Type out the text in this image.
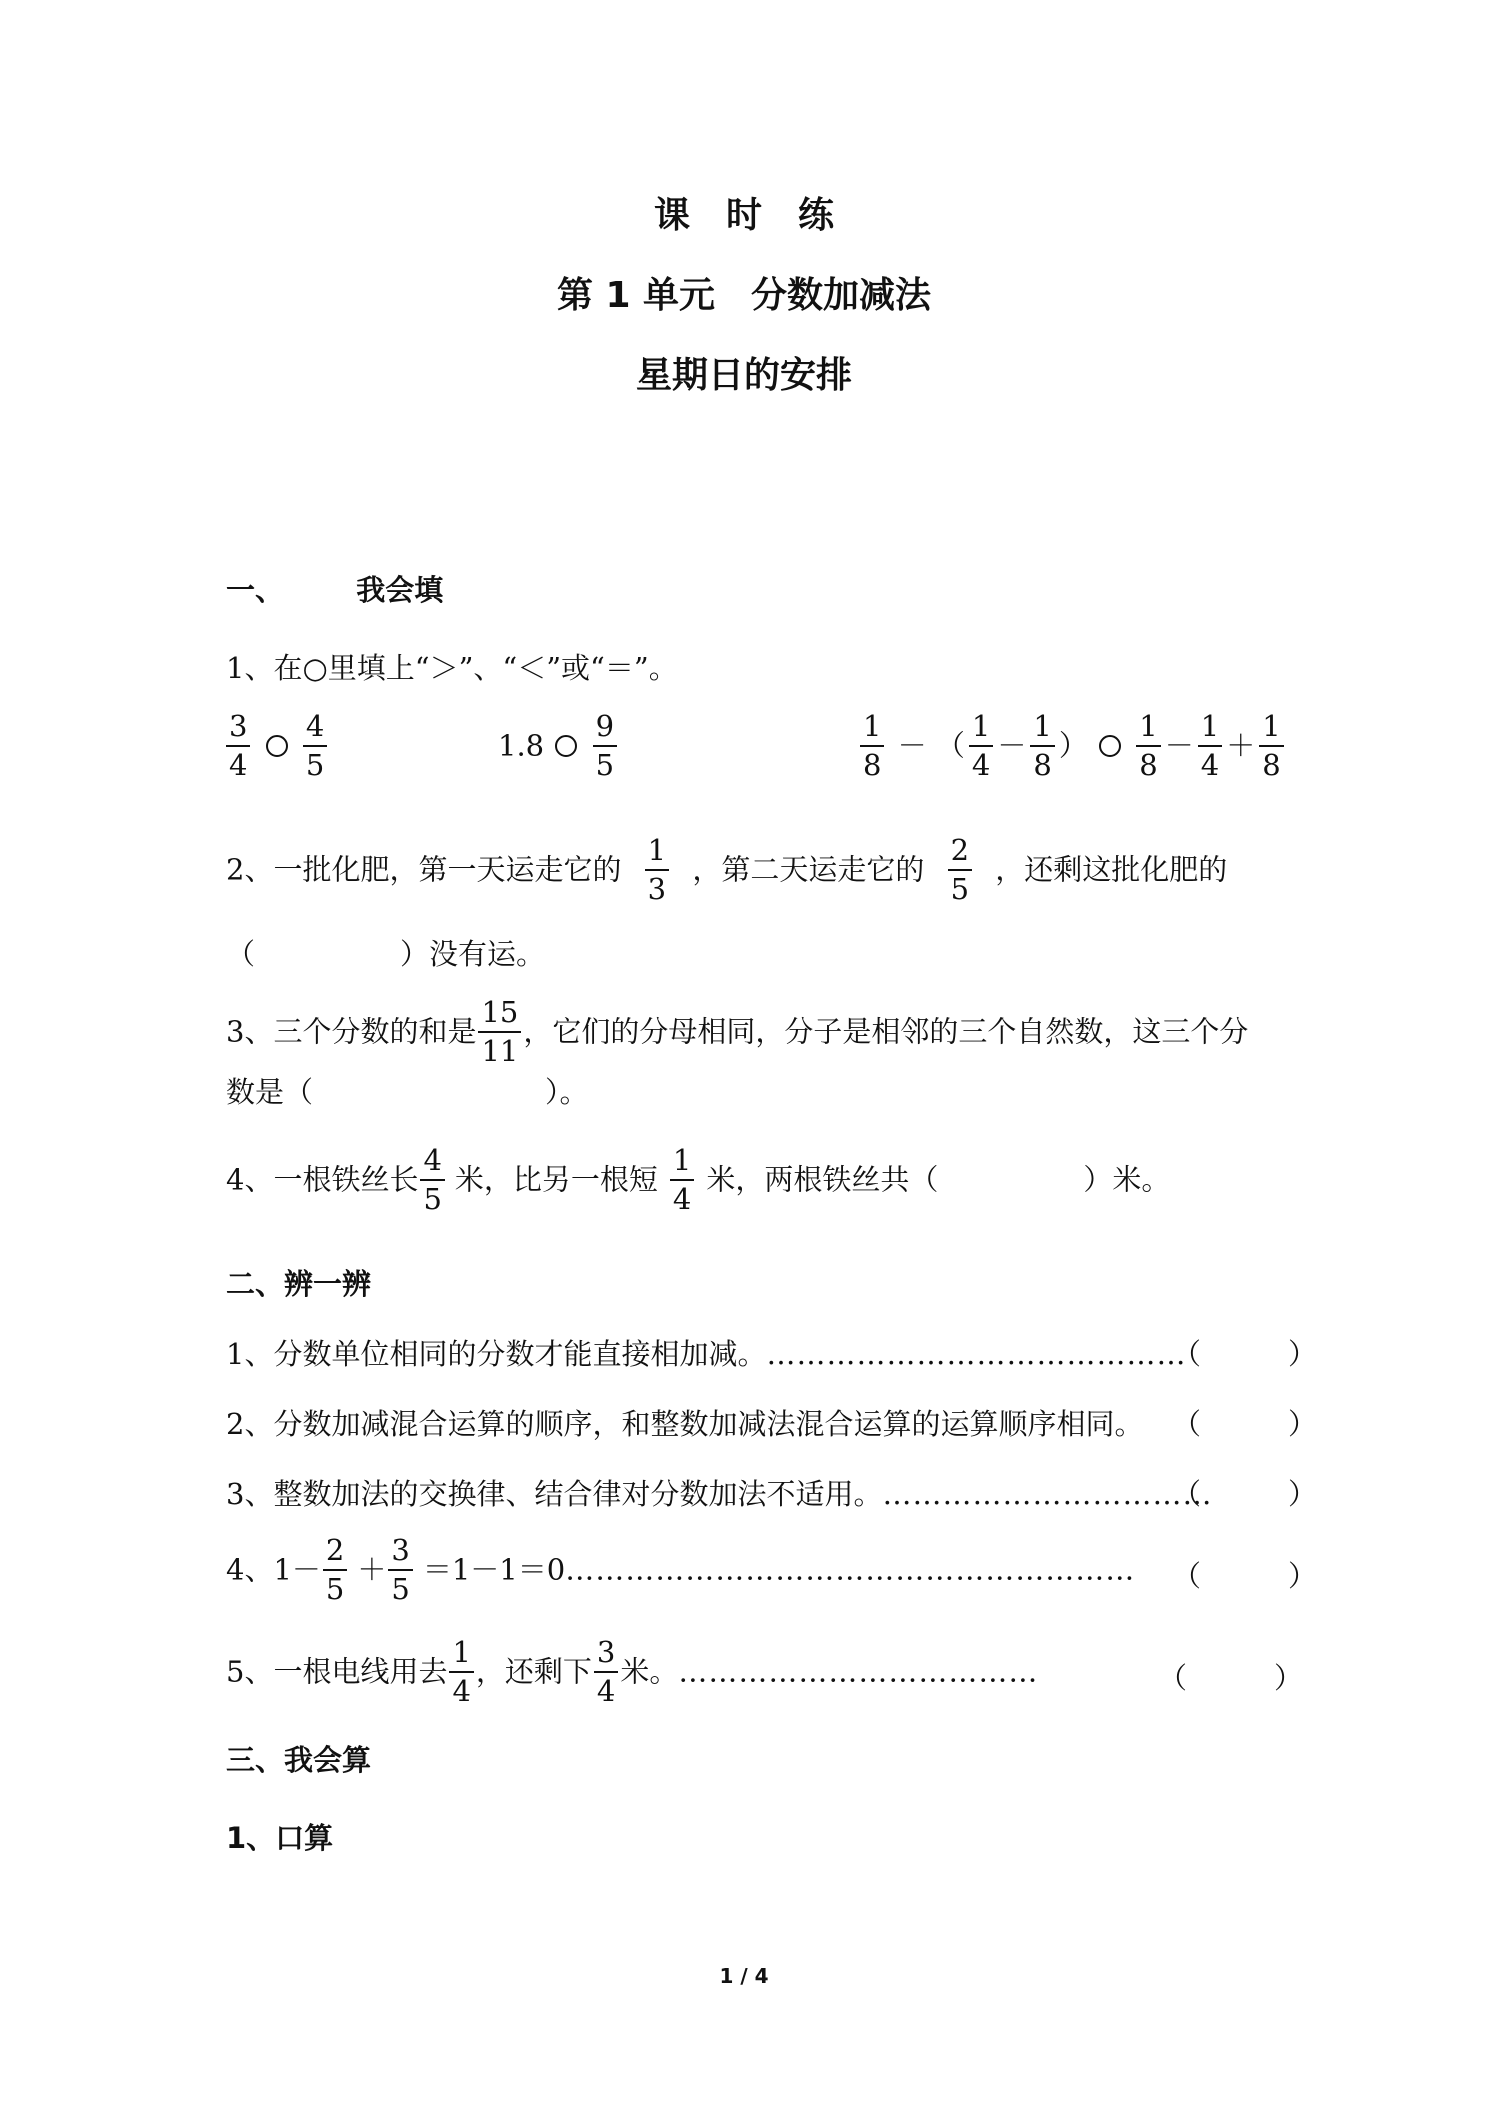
课　时　练
第 1 单元　分数加减法
星期日的安排
一、 我会填
1、在○里填上“＞”、“＜”或“＝”。
$\frac{3}{4}$
$\frac{4}{5}$	$1.8 \frac{9}{5}$	$\frac{1}{8}$ － （ $\frac{1}{4} - \frac{1}{8}$ ） $\frac{1}{8} - \frac{1}{4} + \frac{1}{8}$
2、一批化肥，第一天运走它的 $\frac{1}{3}$ ，第二天运走它的 $\frac{2}{5}$ ，还剩这批化肥的
（　　　　　）没有运。
3、三个分数的和是 $\frac{15}{11}$ ，它们的分母相同，分子是相邻的三个自然数，这三个分
数是（　　　　　　　　）。
4、一根铁丝长 $\frac{4}{5}$ 米，比另一根短 $\frac{1}{4}$ 米，两根铁丝共（　　　　　）米。
二、辨一辨
1、分数单位相同的分数才能直接相加减。……………………………………
（　　　）
2、分数加减混合运算的顺序，和整数加减法混合运算的运算顺序相同。 （　　　）
3、整数加法的交换律、结合律对分数加法不适用。……………………………
（　　　）
4、$1- \frac{2}{5} + \frac{3}{5}$ ＝1－1＝0………………………………………………… （　　　）
5、一根电线用去 $\frac{1}{4}$ ，还剩下 $\frac{3}{4}$ 米。………………………………	（　　　）
三、我会算
1、口算
1 / 4
